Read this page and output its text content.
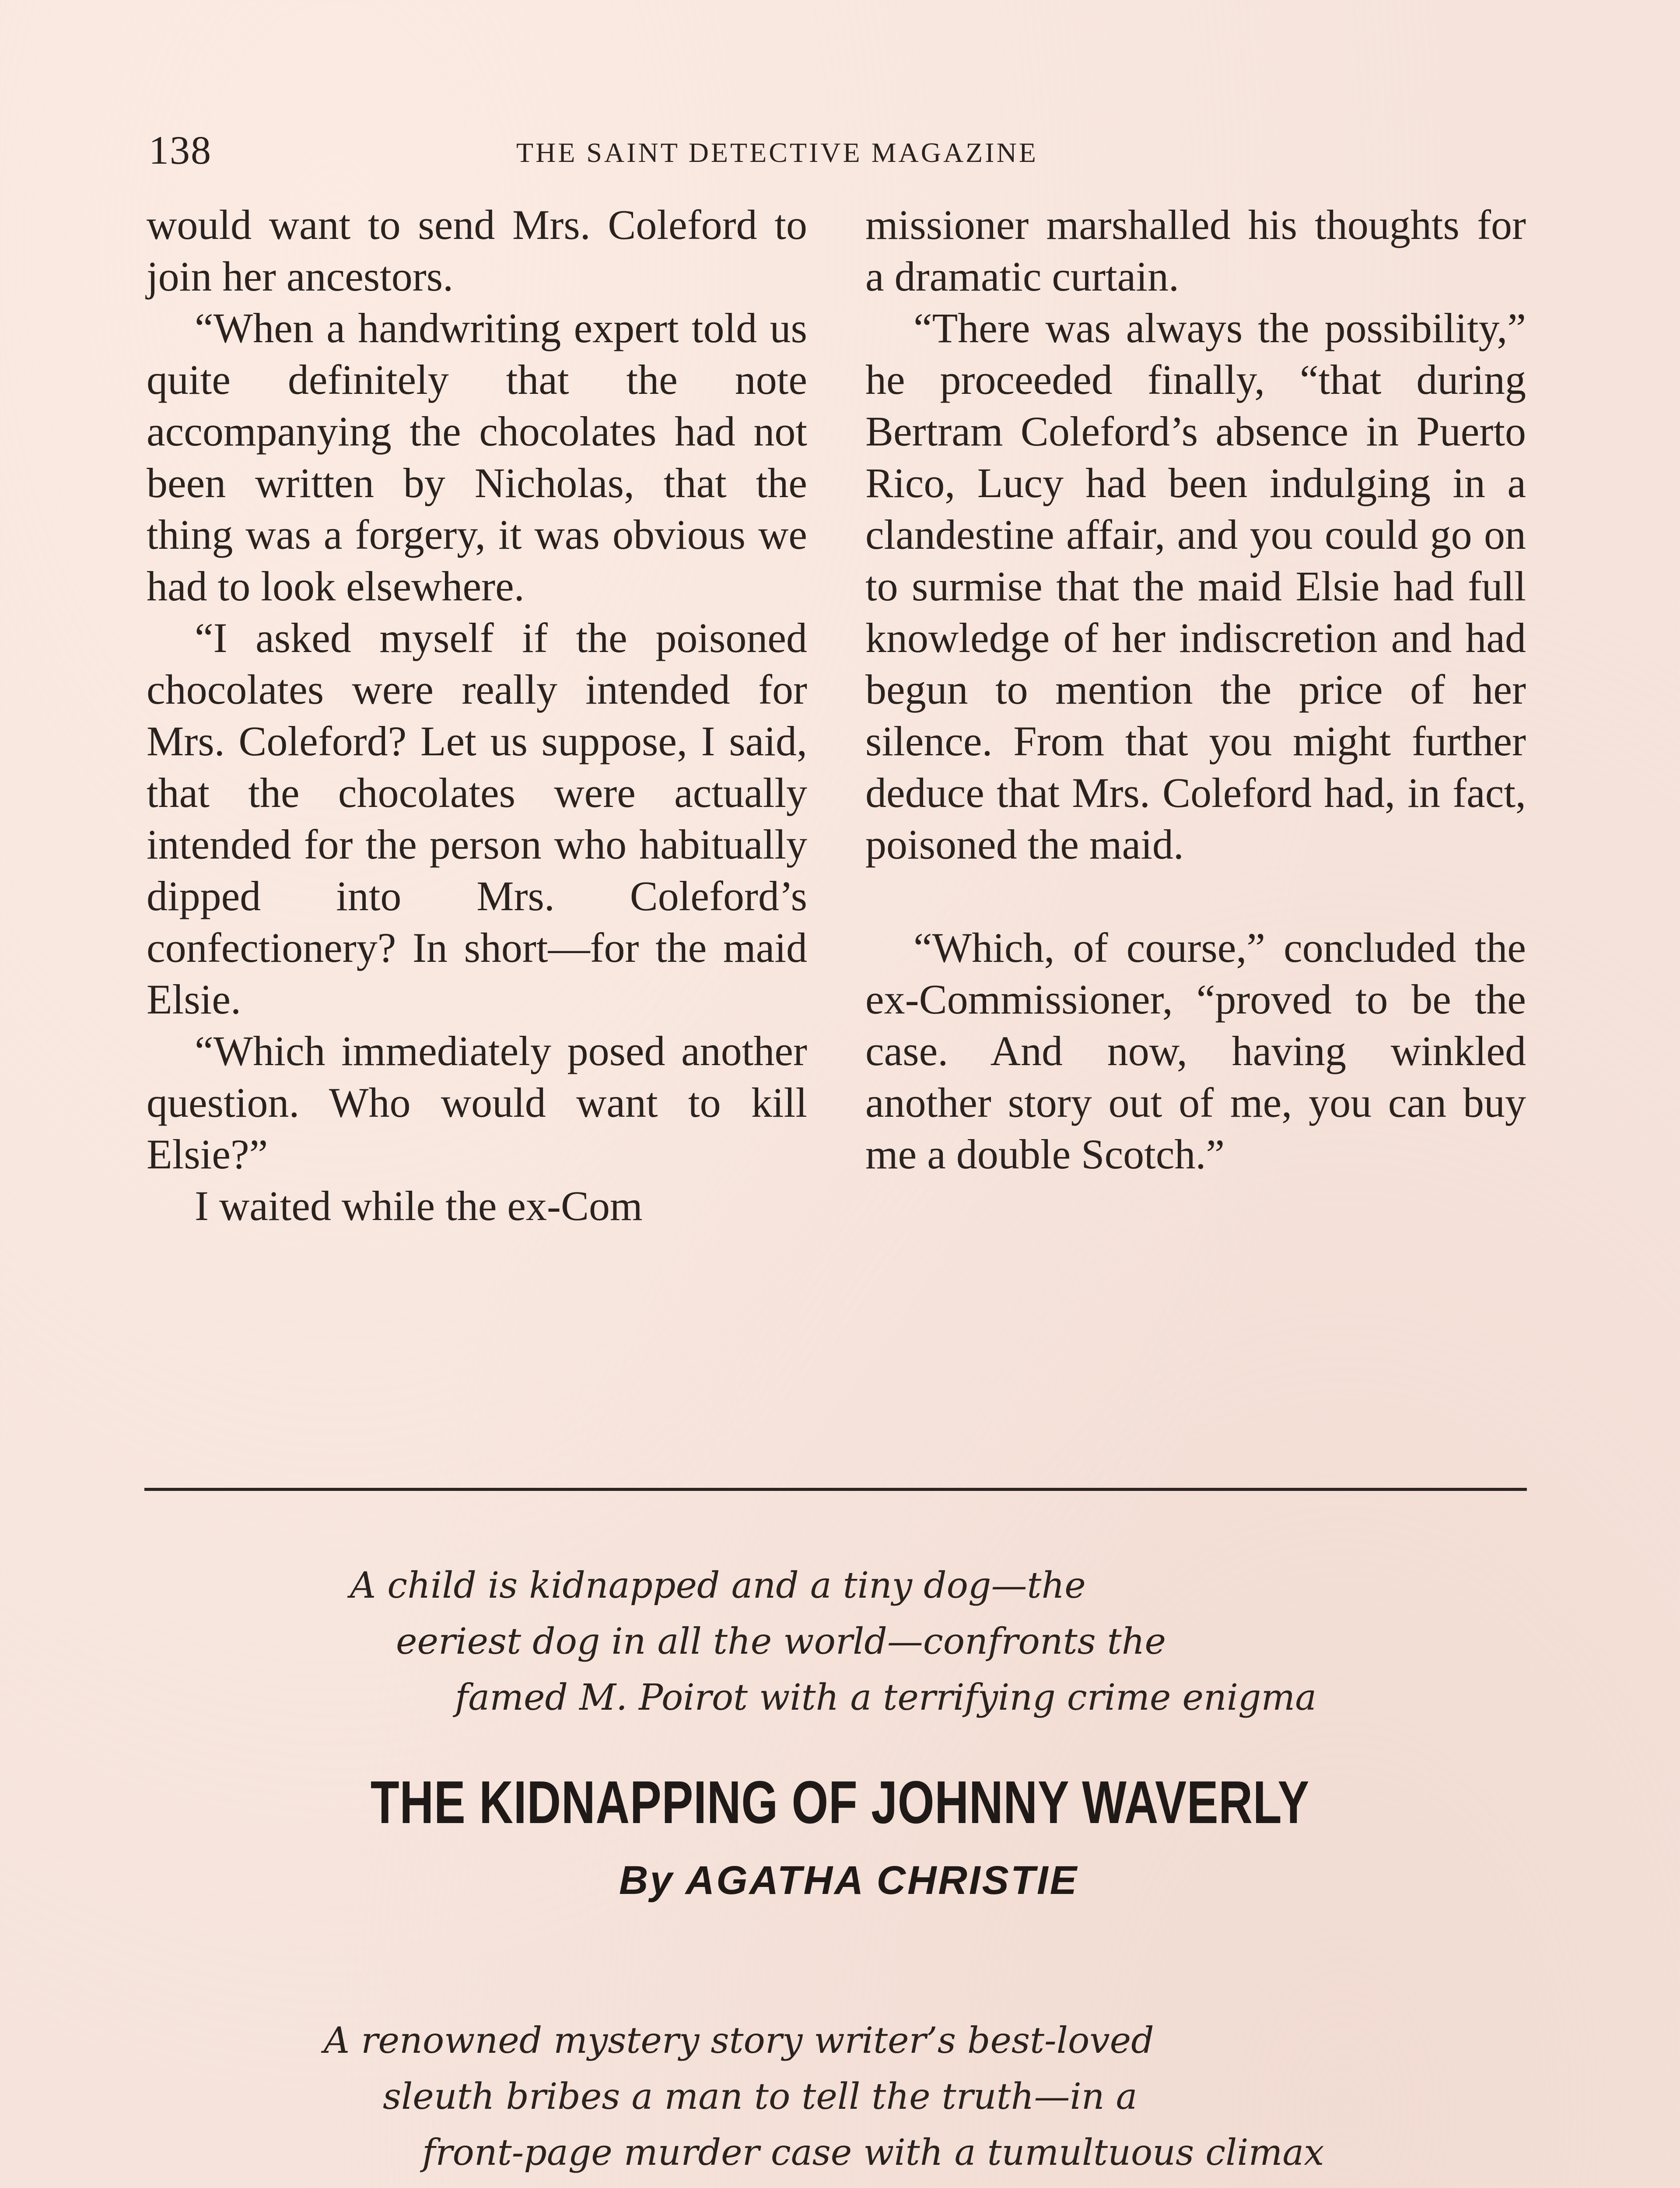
138	THE SAINT DETECTIVE MAGAZINE

would want to send Mrs. Coleford to join her ancestors.

“When a handwriting expert told us quite definitely that the note accompanying the chocolates had not been written by Nicholas, that the thing was a forgery, it was obvious we had to look elsewhere.

“I asked myself if the poisoned chocolates were really intended for Mrs. Coleford? Let us suppose, I said, that the chocolates were actually intended for the person who habitually dipped into Mrs. Coleford’s confectionery? In short—for the maid Elsie.

“Which immediately posed another question. Who would want to kill Elsie?”

I waited while the ex-Com

missioner marshalled his thoughts for a dramatic curtain.

“There was always the possibility,” he proceeded finally, “that during Bertram Coleford’s absence in Puerto Rico, Lucy had been indulging in a clandestine affair, and you could go on to surmise that the maid Elsie had full knowledge of her indiscretion and had begun to mention the price of her silence. From that you might further deduce that Mrs. Coleford had, in fact, poisoned the maid.

“Which, of course,” concluded the ex-Commissioner, “proved to be the case. And now, having winkled another story out of me, you can buy me a double Scotch.”

A child is kidnapped and a tiny dog—the
eeriest dog in all the world—confronts the
famed M. Poirot with a terrifying crime enigma
THE KIDNAPPING OF JOHNNY WAVERLY
By AGATHA CHRISTIE
A renowned mystery story writer’s best-loved
sleuth bribes a man to tell the truth—in a
front-page murder case with a tumultuous climax
